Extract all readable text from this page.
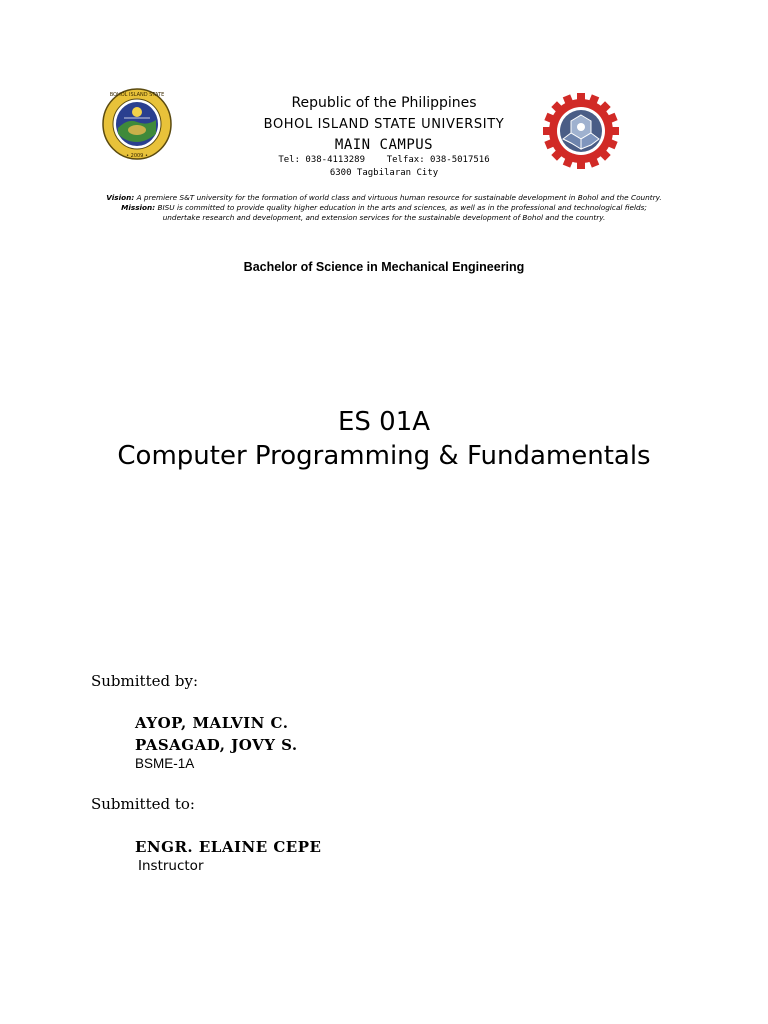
BOHOL ISLAND STATE
• 2009 •
Republic of the Philippines
BOHOL ISLAND STATE UNIVERSITY
MAIN CAMPUS
Tel: 038-4113289    Telfax: 038-5017516
6300 Tagbilaran City
Vision: A premiere S&T university for the formation of world class and virtuous human resource for sustainable development in Bohol and the Country.
Mission: BISU is committed to provide quality higher education in the arts and sciences, as well as in the professional and technological fields;
undertake research and development, and extension services for the sustainable development of Bohol and the country.
Bachelor of Science in Mechanical Engineering
ES 01A
Computer Programming & Fundamentals
Submitted by:
AYOP, MALVIN C.
PASAGAD, JOVY S.
BSME-1A
Submitted to:
ENGR. ELAINE CEPE
Instructor
